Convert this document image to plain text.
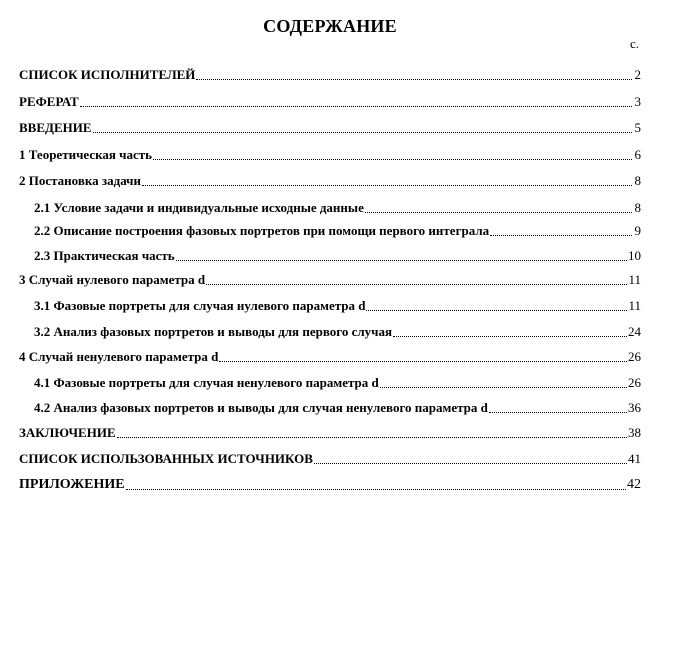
СОДЕРЖАНИЕ
с.
СПИСОК ИСПОЛНИТЕЛЕЙ	2
РЕФЕРАТ	3
ВВЕДЕНИЕ	5
1 Теоретическая часть	6
2 Постановка задачи	8
2.1 Условие задачи и индивидуальные исходные данные	8
2.2 Описание построения фазовых портретов при помощи первого интеграла	9
2.3 Практическая часть	10
3 Случай нулевого параметра d	11
3.1 Фазовые портреты для случая нулевого параметра d	11
3.2 Анализ фазовых портретов и выводы для первого случая	24
4 Случай ненулевого параметра d	26
4.1 Фазовые портреты для случая ненулевого параметра d	26
4.2 Анализ фазовых портретов и выводы для случая ненулевого параметра d	36
ЗАКЛЮЧЕНИЕ	38
СПИСОК ИСПОЛЬЗОВАННЫХ ИСТОЧНИКОВ	41
ПРИЛОЖЕНИЕ	42
